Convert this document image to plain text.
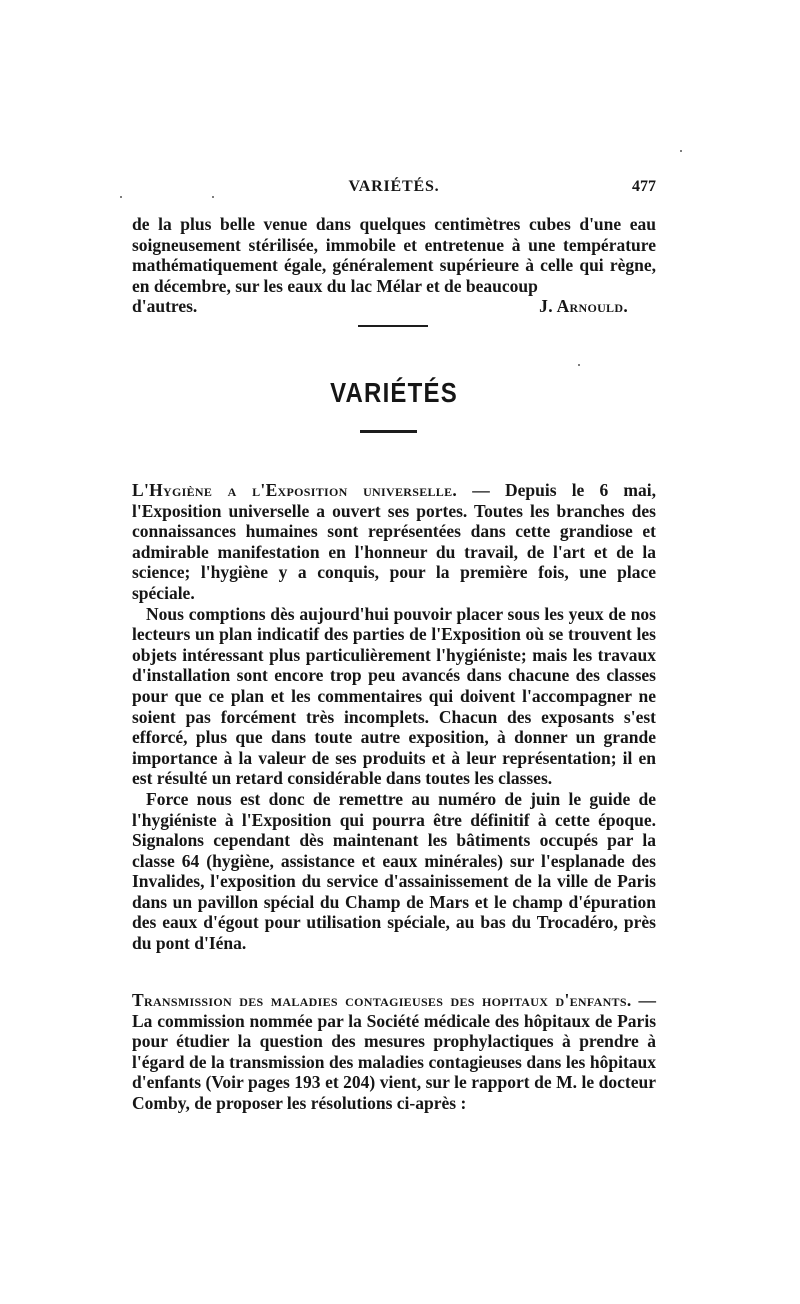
VARIÉTÉS.	477

de la plus belle venue dans quelques centimètres cubes d'une eau soigneusement stérilisée, immobile et entretenue à une température mathématiquement égale, généralement supérieure à celle qui règne, en décembre, sur les eaux du lac Mélar et de beaucoup

d'autres.	J. Arnould.
VARIÉTÉS

L'Hygiène a l'Exposition universelle. — Depuis le 6 mai, l'Exposition universelle a ouvert ses portes. Toutes les branches des connaissances humaines sont représentées dans cette grandiose et admirable manifestation en l'honneur du travail, de l'art et de la science; l'hygiène y a conquis, pour la première fois, une place spéciale.

Nous comptions dès aujourd'hui pouvoir placer sous les yeux de nos lecteurs un plan indicatif des parties de l'Exposition où se trouvent les objets intéressant plus particulièrement l'hygiéniste; mais les travaux d'installation sont encore trop peu avancés dans chacune des classes pour que ce plan et les commentaires qui doivent l'accompagner ne soient pas forcément très incomplets. Chacun des exposants s'est efforcé, plus que dans toute autre exposition, à donner un grande importance à la valeur de ses produits et à leur représentation; il en est résulté un retard considérable dans toutes les classes.

Force nous est donc de remettre au numéro de juin le guide de l'hygiéniste à l'Exposition qui pourra être définitif à cette époque. Signalons cependant dès maintenant les bâtiments occupés par la classe 64 (hygiène, assistance et eaux minérales) sur l'esplanade des Invalides, l'exposition du service d'assainissement de la ville de Paris dans un pavillon spécial du Champ de Mars et le champ d'épuration des eaux d'égout pour utilisation spéciale, au bas du Trocadéro, près du pont d'Iéna.

Transmission des maladies contagieuses des hopitaux d'enfants. — La commission nommée par la Société médicale des hôpitaux de Paris pour étudier la question des mesures prophylactiques à prendre à l'égard de la transmission des maladies contagieuses dans les hôpitaux d'enfants (Voir pages 193 et 204) vient, sur le rapport de M. le docteur Comby, de proposer les résolutions ci-après :
